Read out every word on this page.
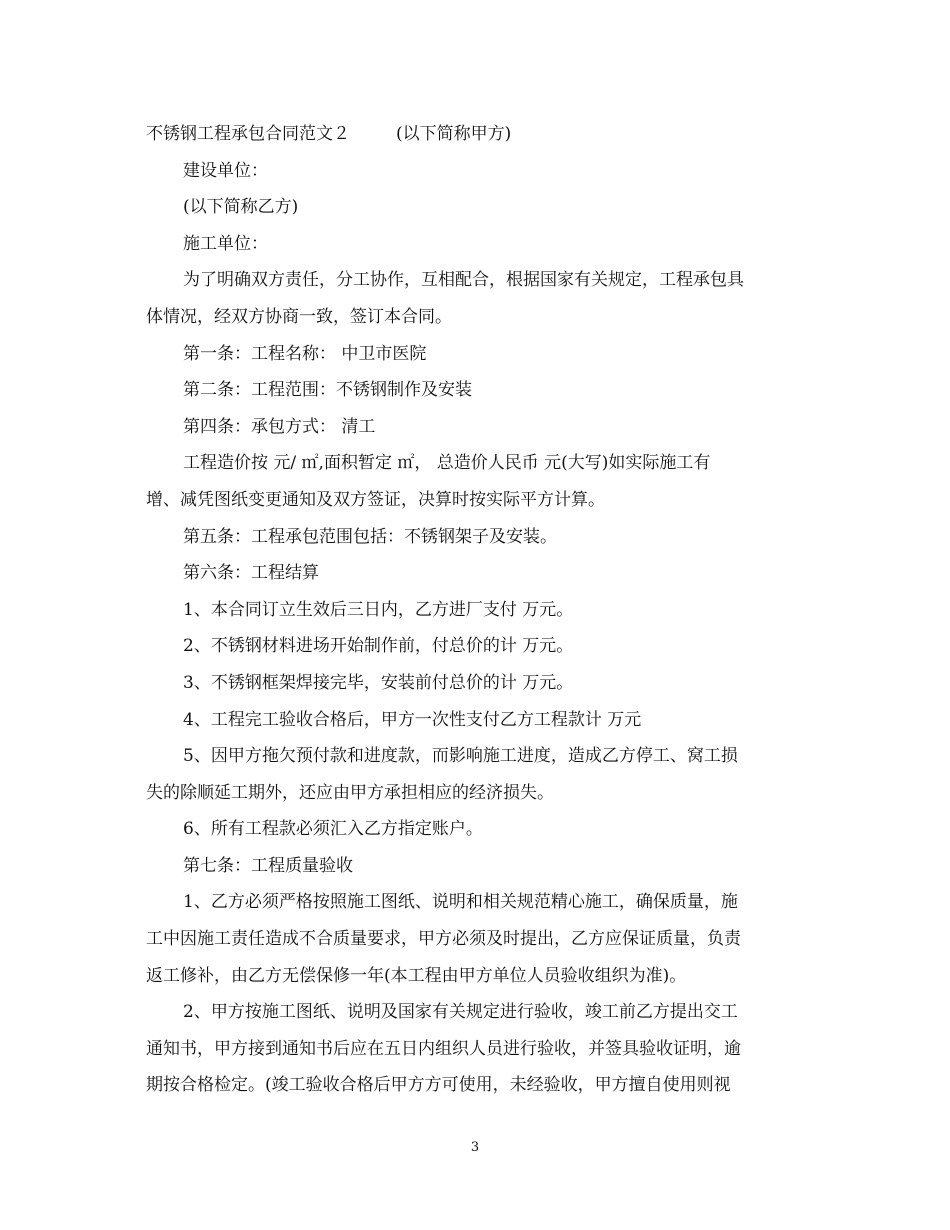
不锈钢工程承包合同范文２	(以下简称甲方)

建设单位：

(以下简称乙方)

施工单位：

为了明确双方责任，分工协作，互相配合，根据国家有关规定，工程承包具

体情况，经双方协商一致，签订本合同。

第一条：工程名称： 中卫市医院

第二条：工程范围：不锈钢制作及安装

第四条：承包方式： 清工

工程造价按 元/ ㎡,面积暂定 ㎡， 总造价人民币 元(大写)如实际施工有

增、减凭图纸变更通知及双方签证，决算时按实际平方计算。

第五条：工程承包范围包括：不锈钢架子及安装。

第六条：工程结算

1、本合同订立生效后三日内，乙方进厂支付 万元。

2、不锈钢材料进场开始制作前，付总价的计 万元。

3、不锈钢框架焊接完毕，安装前付总价的计 万元。

4、工程完工验收合格后，甲方一次性支付乙方工程款计 万元

5、因甲方拖欠预付款和进度款，而影响施工进度，造成乙方停工、窝工损

失的除顺延工期外，还应由甲方承担相应的经济损失。

6、所有工程款必须汇入乙方指定账户。

第七条：工程质量验收

1、乙方必须严格按照施工图纸、说明和相关规范精心施工，确保质量，施

工中因施工责任造成不合质量要求，甲方必须及时提出，乙方应保证质量，负责

返工修补，由乙方无偿保修一年(本工程由甲方单位人员验收组织为准)。

2、甲方按施工图纸、说明及国家有关规定进行验收，竣工前乙方提出交工

通知书，甲方接到通知书后应在五日内组织人员进行验收，并签具验收证明，逾

期按合格检定。(竣工验收合格后甲方方可使用，未经验收，甲方擅自使用则视

3
